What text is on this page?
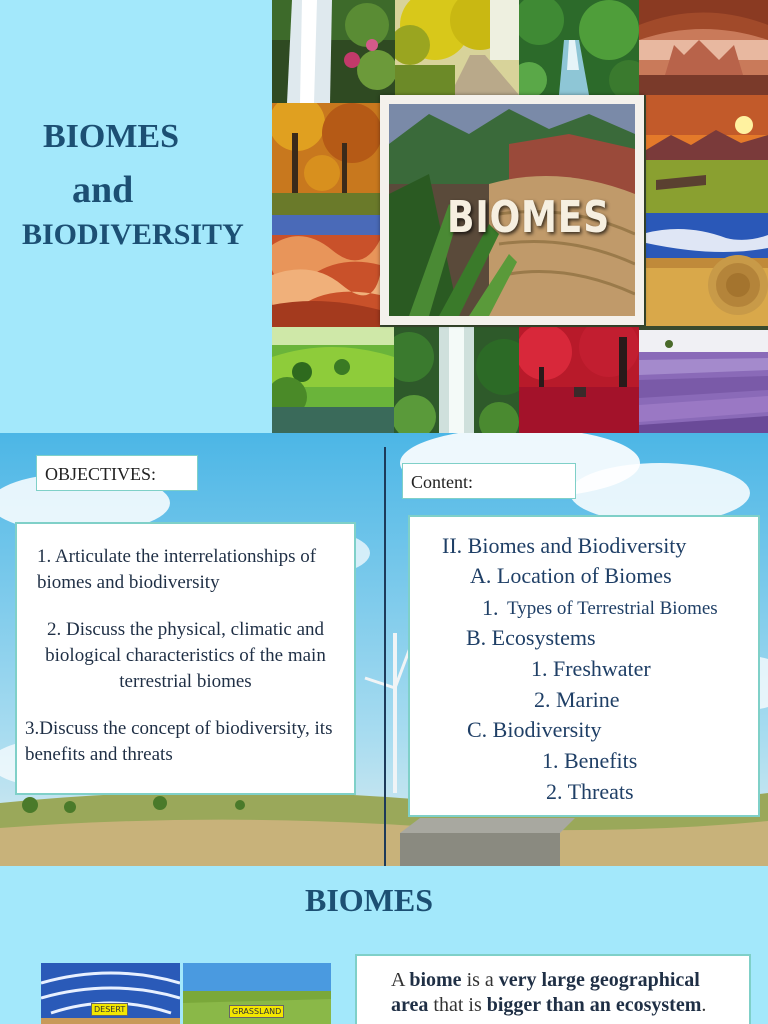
BIOMES
and
BIODIVERSITY	BIOMES
OBJECTIVES:	Content:

1. Articulate the interrelationships of biomes and biodiversity

2. Discuss the physical, climatic and biological characteristics of the main terrestrial biomes

3.Discuss the concept of biodiversity, its benefits and threats

II. Biomes and Biodiversity
A. Location of Biomes
1. Types of Terrestrial Biomes
B. Ecosystems
1. Freshwater
2. Marine
C. Biodiversity
1. Benefits
2. Threats
BIOMES
DESERT	GRASSLAND
A biome is a very large geographical
area that is bigger than an ecosystem.
